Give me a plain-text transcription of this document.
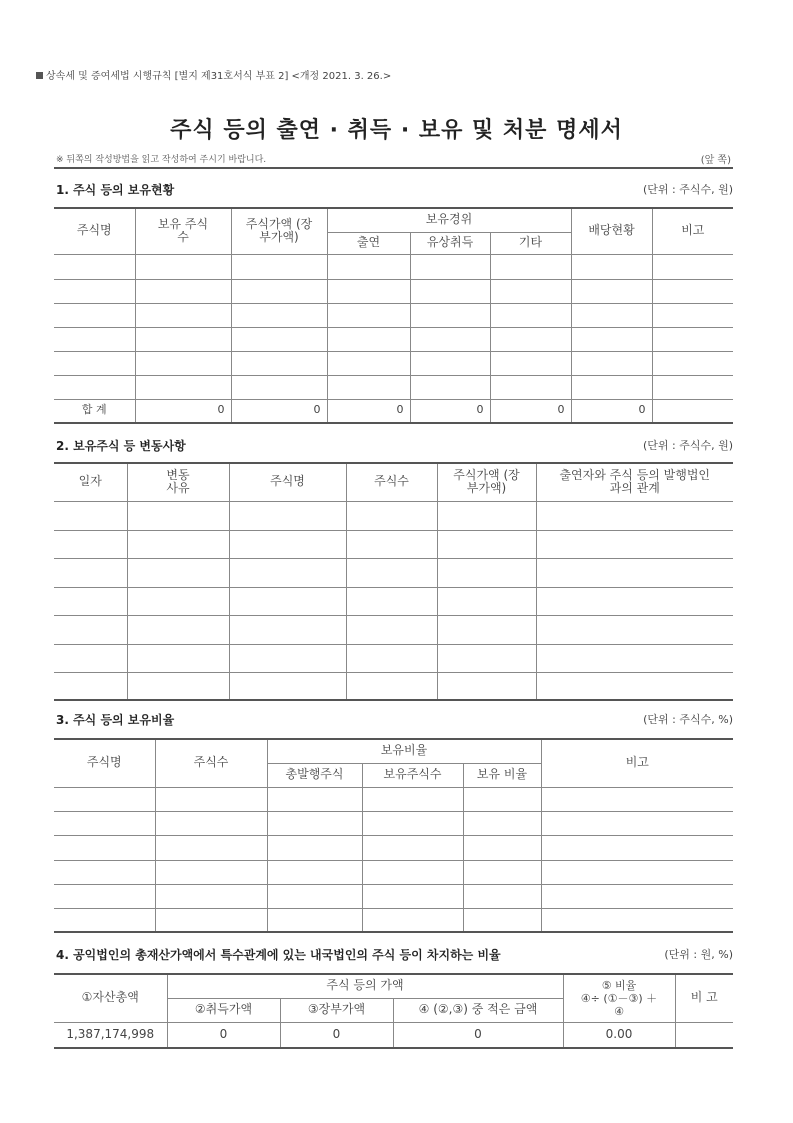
상속세 및 증여세법 시행규칙 [별지 제31호서식 부표 2] <개정 2021. 3. 26.>
주식 등의 출연 · 취득 · 보유 및 처분 명세서
※ 뒤쪽의 작성방법을 읽고 작성하여 주시기 바랍니다.	(앞 쪽)
1. 주식 등의 보유현황	(단위 : 주식수, 원)
주식명	보유 주식수	주식가액 (장부가액)	보유경위			배당현황	비고
			출연	유상취득	기타		

합 계	0	0	0	0	0	0	
2. 보유주식 등 변동사항	(단위 : 주식수, 원)
일자	변동 사유	주식명	주식수	주식가액 (장부가액)	출연자와 주식 등의 발행법인과의 관계

3. 주식 등의 보유비율	(단위 : 주식수, %)
주식명	주식수	보유비율			비고
		총발행주식	보유주식수	보유 비율	

4. 공익법인의 총재산가액에서 특수관계에 있는 내국법인의 주식 등이 차지하는 비율	(단위 : 원, %)
①자산총액	주식 등의 가액			⑤ 비율
④÷ (①－③) ＋
④	비 고
	②취득가액	③장부가액	④ (②,③) 중 적은 금액		
1,387,174,998	0	0	0	0.00	
